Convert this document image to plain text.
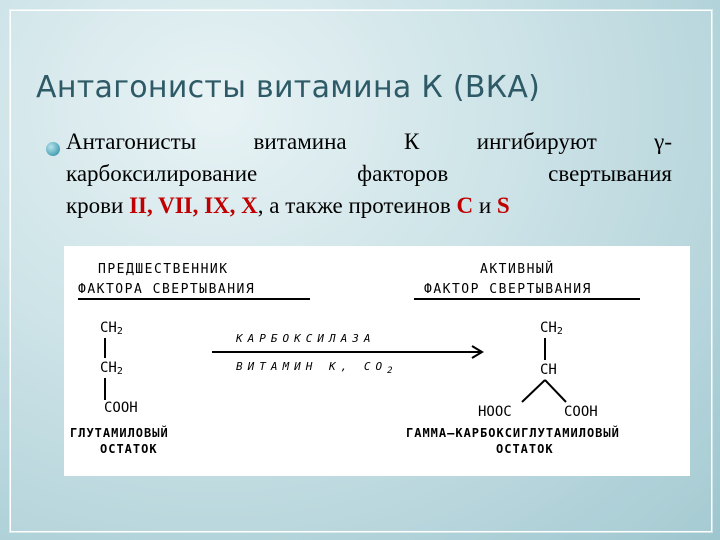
Антагонисты витамина К (ВКА)

Антагонисты витамина К ингибируют γ-
карбоксилирование факторов свертывания
крови II, VII, IX, X, а также протеинов С и S

ПРЕДШЕСТВЕННИК
ФАКТОРА СВЕРТЫВАНИЯ
АКТИВНЫЙ
ФАКТОР СВЕРТЫВАНИЯ
$CH_2$
$CH_2$
COOH
ГЛУТАМИЛОВЫЙ
ОСТАТОК
КАРБОКСИЛАЗА
ВИТАМИН К, $СО_2$
$CH_2$
CH
HOOC	COOH
ГАММА—КАРБОКСИГЛУТАМИЛОВЫЙ
ОСТАТОК
